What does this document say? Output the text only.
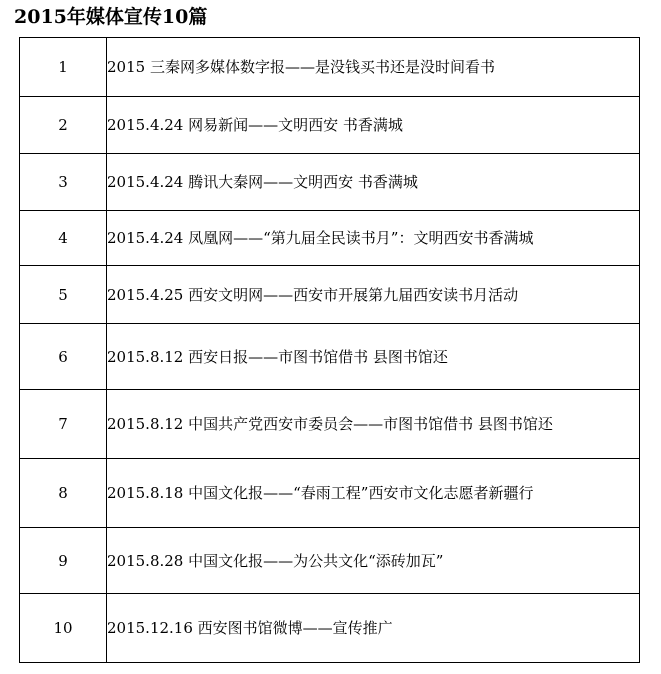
2015年媒体宣传10篇
1	2015 三秦网多媒体数字报——是没钱买书还是没时间看书
2	2015.4.24 网易新闻——文明西安 书香满城
3	2015.4.24 腾讯大秦网——文明西安 书香满城
4	2015.4.24 凤凰网——“第九届全民读书月”：文明西安书香满城
5	2015.4.25 西安文明网——西安市开展第九届西安读书月活动
6	2015.8.12 西安日报——市图书馆借书 县图书馆还
7	2015.8.12 中国共产党西安市委员会——市图书馆借书 县图书馆还
8	2015.8.18 中国文化报——“春雨工程”西安市文化志愿者新疆行
9	2015.8.28 中国文化报——为公共文化“添砖加瓦”
10	2015.12.16 西安图书馆微博——宣传推广
